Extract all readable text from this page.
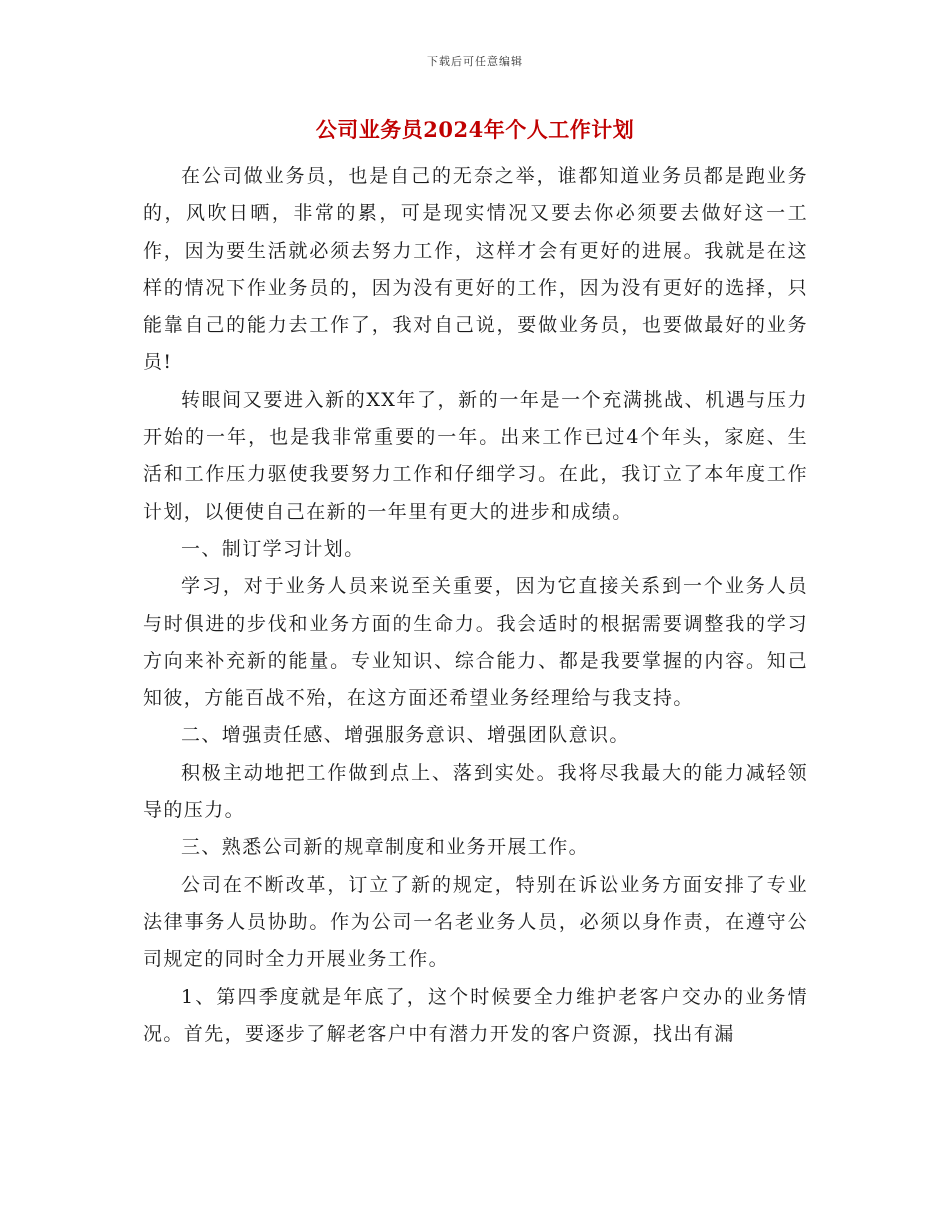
下载后可任意编辑
公司业务员2024年个人工作计划

在公司做业务员，也是自己的无奈之举，谁都知道业务员都是跑业务的，风吹日晒，非常的累，可是现实情况又要去你必须要去做好这一工作，因为要生活就必须去努力工作，这样才会有更好的进展。我就是在这样的情况下作业务员的，因为没有更好的工作，因为没有更好的选择，只能靠自己的能力去工作了，我对自己说，要做业务员，也要做最好的业务员!

转眼间又要进入新的XX年了，新的一年是一个充满挑战、机遇与压力开始的一年，也是我非常重要的一年。出来工作已过4个年头，家庭、生活和工作压力驱使我要努力工作和仔细学习。在此，我订立了本年度工作计划，以便使自己在新的一年里有更大的进步和成绩。

一、制订学习计划。

学习，对于业务人员来说至关重要，因为它直接关系到一个业务人员与时俱进的步伐和业务方面的生命力。我会适时的根据需要调整我的学习方向来补充新的能量。专业知识、综合能力、都是我要掌握的内容。知己知彼，方能百战不殆，在这方面还希望业务经理给与我支持。

二、增强责任感、增强服务意识、增强团队意识。

积极主动地把工作做到点上、落到实处。我将尽我最大的能力减轻领导的压力。

三、熟悉公司新的规章制度和业务开展工作。

公司在不断改革，订立了新的规定，特别在诉讼业务方面安排了专业法律事务人员协助。作为公司一名老业务人员，必须以身作责，在遵守公司规定的同时全力开展业务工作。

1、第四季度就是年底了，这个时候要全力维护老客户交办的业务情况。首先，要逐步了解老客户中有潜力开发的客户资源，找出有漏
